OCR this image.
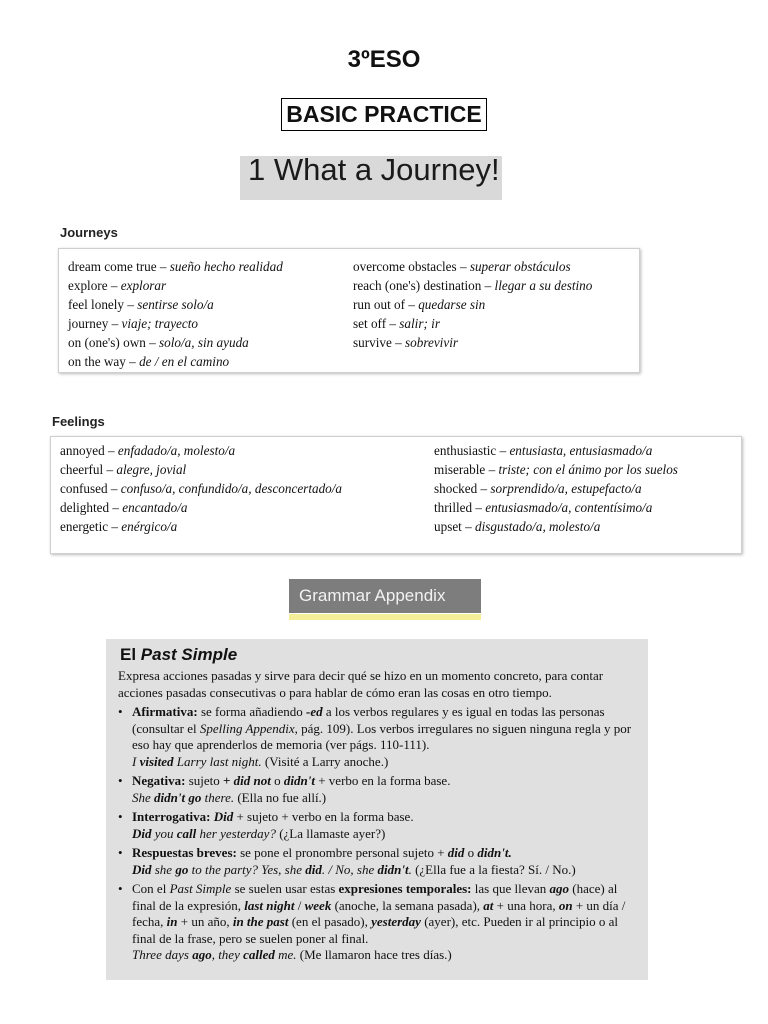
3ºESO
BASIC PRACTICE
1 What a Journey!
Journeys
dream come true – sueño hecho realidad
explore – explorar
feel lonely – sentirse solo/a
journey – viaje; trayecto
on (one's) own – solo/a, sin ayuda
on the way – de / en el camino
overcome obstacles – superar obstáculos
reach (one's) destination – llegar a su destino
run out of – quedarse sin
set off – salir; ir
survive – sobrevivir
Feelings
annoyed – enfadado/a, molesto/a
cheerful – alegre, jovial
confused – confuso/a, confundido/a, desconcertado/a
delighted – encantado/a
energetic – enérgico/a
enthusiastic – entusiasta, entusiasmado/a
miserable – triste; con el ánimo por los suelos
shocked – sorprendido/a, estupefacto/a
thrilled – entusiasmado/a, contentísimo/a
upset – disgustado/a, molesto/a
Grammar Appendix
El Past Simple

Expresa acciones pasadas y sirve para decir qué se hizo en un momento concreto, para contar acciones pasadas consecutivas o para hablar de cómo eran las cosas en otro tiempo.

• Afirmativa: se forma añadiendo -ed a los verbos regulares y es igual en todas las personas (consultar el Spelling Appendix, pág. 109). Los verbos irregulares no siguen ninguna regla y por eso hay que aprenderlos de memoria (ver págs. 110-111).
I visited Larry last night. (Visité a Larry anoche.)
• Negativa: sujeto + did not o didn't + verbo en la forma base.
She didn't go there. (Ella no fue allí.)
• Interrogativa: Did + sujeto + verbo en la forma base.
Did you call her yesterday? (¿La llamaste ayer?)
• Respuestas breves: se pone el pronombre personal sujeto + did o didn't.
Did she go to the party? Yes, she did. / No, she didn't. (¿Ella fue a la fiesta? Sí. / No.)
• Con el Past Simple se suelen usar estas expresiones temporales: las que llevan ago (hace) al final de la expresión, last night / week (anoche, la semana pasada), at + una hora, on + un día / fecha, in + un año, in the past (en el pasado), yesterday (ayer), etc. Pueden ir al principio o al final de la frase, pero se suelen poner al final.
Three days ago, they called me. (Me llamaron hace tres días.)
